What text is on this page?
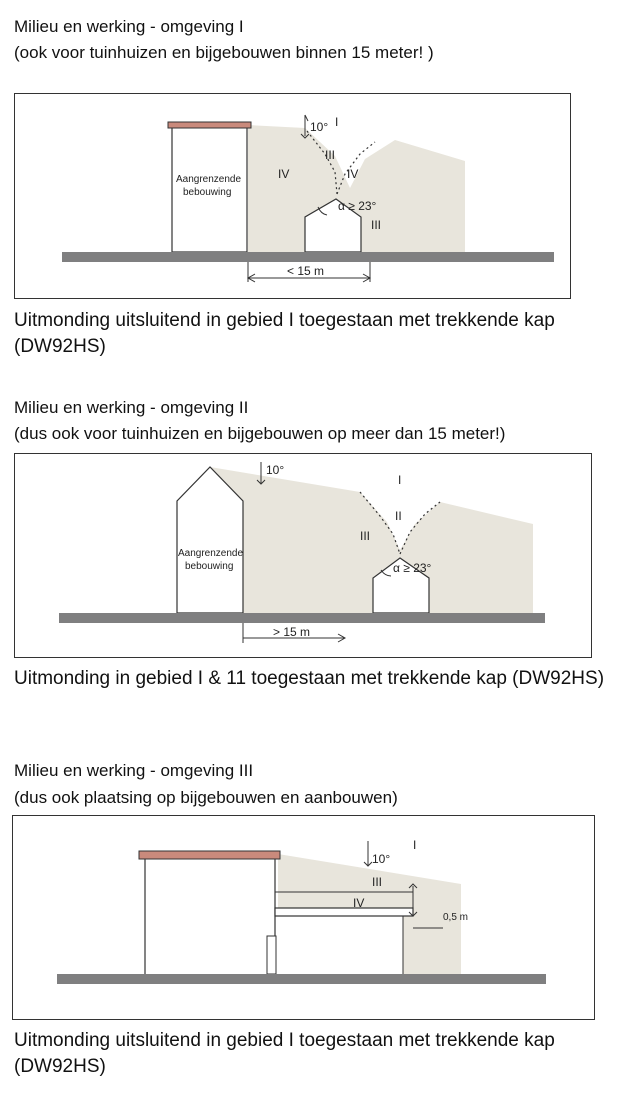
Milieu en werking - omgeving I
(ook voor tuinhuizen en bijgebouwen binnen 15 meter! )
10° I
III
IV	IV
III
α ≥ 23°
Aangrenzende
bebouwing
< 15 m
Uitmonding uitsluitend in gebied I toegestaan met trekkende kap (DW92HS)
Milieu en werking - omgeving II
(dus ook voor tuinhuizen en bijgebouwen op meer dan 15 meter!)
10°
I
II
III
α ≥ 23°
Aangrenzende
bebouwing
> 15 m
Uitmonding in gebied I & 11 toegestaan met trekkende kap (DW92HS)
Milieu en werking - omgeving III
(dus ook plaatsing op bijgebouwen en aanbouwen)
0,5 m
10°
I
III
IV
Uitmonding uitsluitend in gebied I toegestaan met trekkende kap (DW92HS)
